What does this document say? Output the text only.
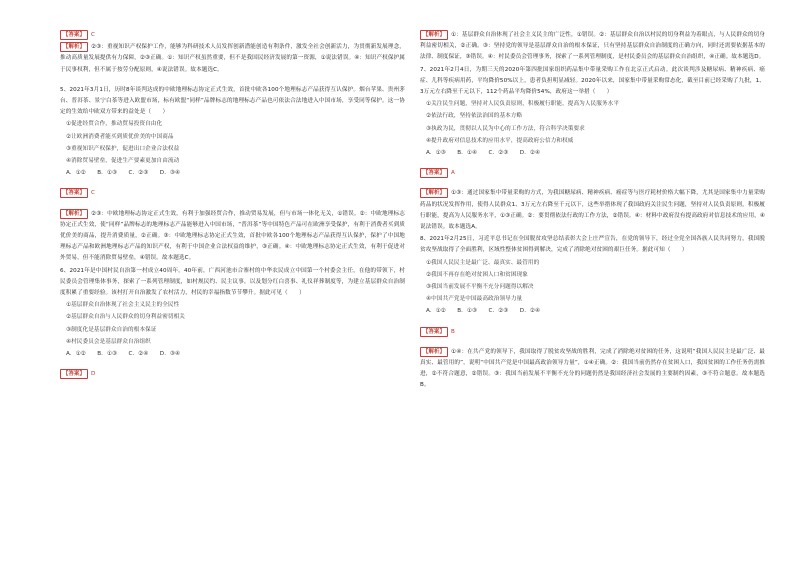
【答案】 C

【解析】 ②③：重视知识产权保护工作，能够为科研技术人员发挥创新潜能创造有利条件，激发全社会创新活力，为贯彻新发展理念，推动高质量发展提供有力保障，②③正确。①：知识产权虽然重要，但不是我国民经济发展的第一资源，①说法错误。④：知识产权保护属于民事权利，但不属于按劳分配原则，④说法错误。故本题选C。

5、2021年3月1日，历时8年谈判达成的中欧地理标志协定正式生效，首批中欧各100个地理标志产品获得互认保护。烟台苹果、贵州茅台、普洱茶、景宁白茶等进入欧盟市场，标有欧盟“同样”品牌标志的地理标志产品也可依法合法地进入中国市场，享受同等保护。这一协定的生效给中欧双方带来的益处是（　　）

①促进经贸合作，推动贸易投资自由化

②让欧洲消费者能买到质优价美的中国商品

③重视知识产权保护，促进出口企业合法权益

④消除贸易壁垒，促进生产要素更加自由流动

A．①②　　B．①③　　C．②③　　D．③④

【答案】 C

【解析】 ②③：中欧地理标志协定正式生效，有利于加强经贸合作，推动贸易发展，但与市场一体化无关，①错误。②：中欧地理标志协定正式生效，使“同样”品牌标志的地理标志产品能够进入中国市场，“普洱茶”等中国特色产品可在欧洲享受保护，有利于消费者买到质优价美的商品，提升消费质量，②正确。③：中欧地理标志协定正式生效，首批中欧各100个地理标志产品获得互认保护，保护了中国地理标志产品和欧洲地理标志产品的知识产权，有利于中国企业合法权益的维护，③正确。④：中欧地理标志协定正式生效，有利于促进对外贸易，但不能消除贸易壁垒，④错误。故本题选C。

6、2021年是中国村民自治第一村成立40周年。40年前，广西河池市合寨村的中华农民成立中国第一个村委会主任，在他的带领下，村民委员会管理集体事务，探索了一系列管理制度，如村规民约、民主议事，以及划分红白喜事、礼仪祥葬制度等，为建立基层群众自治制度积累了重要经验。该村打开自治激发了农村活力，村民的幸福指数节节攀升。据此可见（　　）

①基层群众自治体现了社会主义民主的全民性

②基层群众自治与人民群众的切身利益密切相关

③制度化是基层群众自治的根本保证

④村民委员会是基层群众自治组织

A．①②　　B．①③　　C．②④　　D．③④

【答案】 D

【解析】 ①：基层群众自治体现了社会主义民主的广泛性，①错误。②：基层群众自治以村民的切身利益为着眼点，与人民群众的切身利益密切相关，②正确。③：坚持党的领导是基层群众自治的根本保证，只有坚持基层群众自治制度的正确方向，同时还需要依据基本的法律、制度保证，③错误。④：村民委员会管理事务，探索了一系列管理制度，是村民委员会的基层群众自治组织，④正确。故本题选D。

7、2021年2月4日，为期三天的2020年第四批国家组织药品集中带量采购工作在北京正式启动。此次谈判涉及糖尿病、精神疾病、癌症、儿科等疾病用药，平均降价50%以上，患者负担明显减轻。2020年以来，国家集中带量采购常态化，截至目前已经采购了九批，1、3万元左右降至千元以下，112个药品平均降价54%，政府这一举措（　　）

①关注民生问题，坚持对人民负责原则，积极履行职能，提高为人民服务水平

②依法行政，坚持依法治国的基本方略

③执政为民，贯彻以人民为中心的工作方法，符合科学决策要求

④提升政府对信息技术的应用水平，提高政府公信力和权威

A．①③　　B．①④　　C．②③　　D．②④

【答案】 A

【解析】 ①③：通过国家集中带量采购的方式，为我国糖尿病、精神疾病、癌症等与医疗耗材价格大幅下降，尤其是国家集中力量采购药品的状况发挥作用，使得人民群众1、3万元左右降至千元以下，这些举措体现了我国政府关注民生问题，坚持对人民负责原则，积极履行职能，提高为人民服务水平，①③正确。②：要贯彻依法行政的工作方法，②错误。④：材料中政府没有提高政府对信息技术的应用，④说法错误。故本题选A。

8、2021年2月25日，习近平总书记在全国脱贫攻坚总结表彰大会上庄严宣告，在党的领导下，经过全党全国各族人民共同努力，我国脱贫攻坚战取得了全面胜利，区域性整体贫困得到解决，完成了消除绝对贫困的艰巨任务。据此可知（　　）

①我国人民民主是最广泛、最真实、最管用的

②我国不再存在绝对贫困人口和贫困现象

③我国当前发展不平衡不充分问题得以解决

④中国共产党是中国最高政治领导力量

A．①②　　B．①③　　C．②③　　D．②④

【答案】 B

【解析】 ①④：在共产党的领导下，我国取得了脱贫攻坚战的胜利，完成了消除绝对贫困的任务，这说明“我国人民民主是最广泛、最真实、最管用的”，说明“中国共产党是中国最高政治领导力量”，①④正确。②：我国当前仍然存在贫困人口，我国贫困的工作任务仍需推进，②不符合题意，②错误。③：我国当前发展不平衡不充分的问题仍然是我国经济社会发展的主要制约因素，③不符合题意。故本题选B。
